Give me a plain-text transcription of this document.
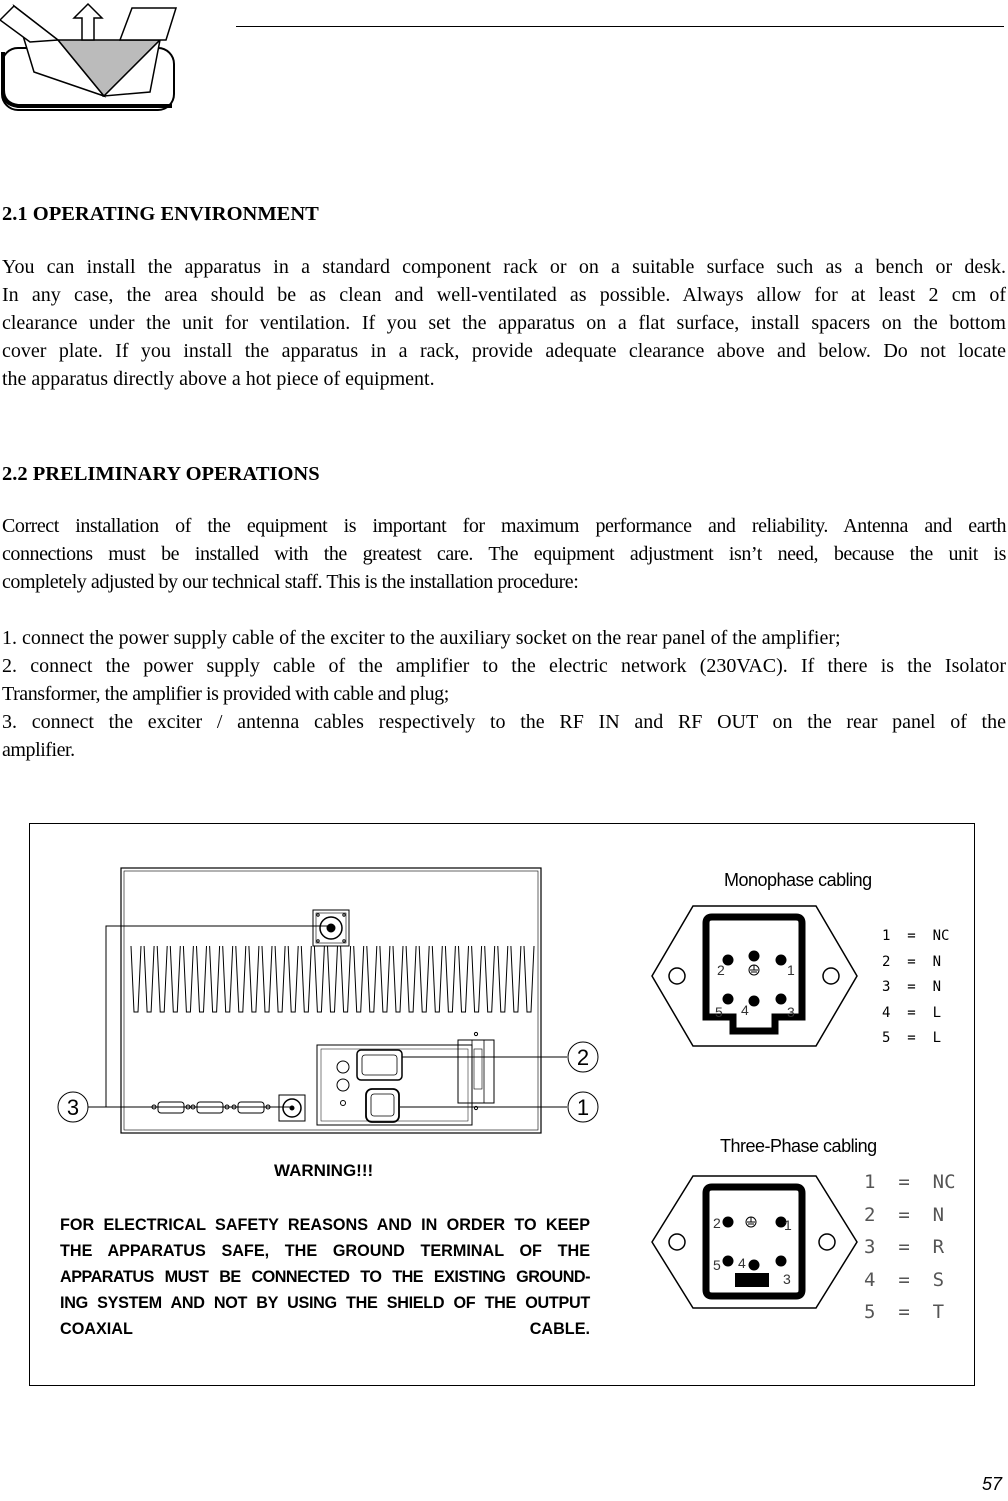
2.1 OPERATING ENVIRONMENT
You can install the apparatus in a standard component rack or on a suitable surface such as a bench or desk.
In any case, the area should be as clean and well-ventilated as possible. Always allow for at least 2 cm of
clearance under the unit for ventilation. If you set the apparatus on a flat surface, install spacers on the bottom
cover plate. If you install the apparatus in a rack, provide adequate clearance above and below. Do not locate
the apparatus directly above a hot piece of equipment.
2.2 PRELIMINARY OPERATIONS
Correct installation of the equipment is important for maximum performance and reliability. Antenna and earth
connections must be installed with the greatest care. The equipment adjustment isn’t need, because the unit is
completely adjusted by our technical staff. This is the installation procedure:
1. connect the power supply cable of the exciter to the auxiliary socket on the rear panel of the amplifier;
2. connect the power supply cable of the amplifier to the electric network (230VAC). If there is the Isolator
Transformer, the amplifier is provided with cable and plug;
3. connect the exciter / antenna cables respectively to the RF IN and RF OUT on the rear panel of the
amplifier.
3
2
1
2	1
5 4	3
2	1
5 4
3
Monophase cabling
1  =  NC
2  =  N
3  =  N
4  =  L
5  =  L
Three-Phase cabling
1  =  NC
2  =  N
3  =  R
4  =  S
5  =  T
WARNING!!!
FOR ELECTRICAL SAFETY REASONS AND IN ORDER TO KEEP
THE APPARATUS SAFE, THE GROUND TERMINAL OF THE
APPARATUS MUST BE CONNECTED TO THE EXISTING GROUND-
ING SYSTEM AND NOT BY USING THE SHIELD OF THE OUTPUT
COAXIAL CABLE.
57
